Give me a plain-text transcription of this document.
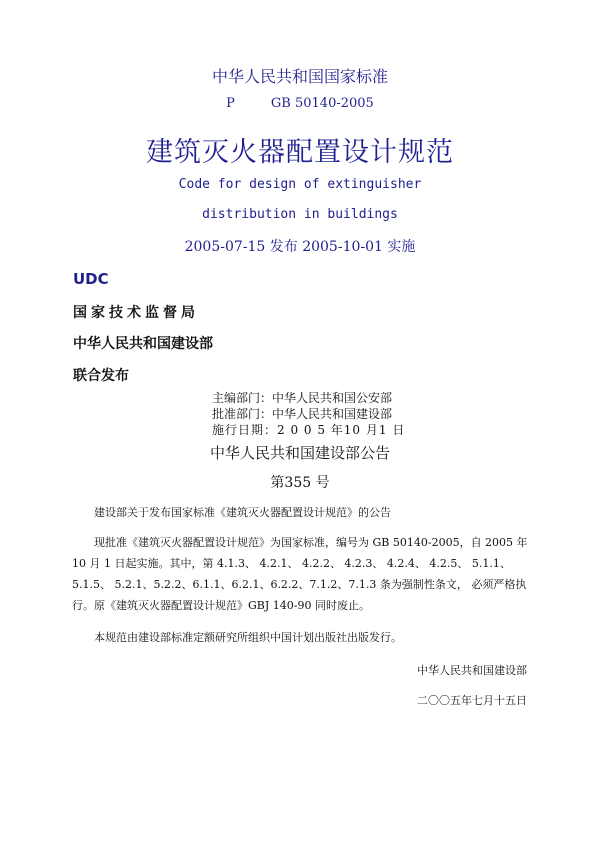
中华人民共和国国家标准
P	GB 50140-2005
建筑灭火器配置设计规范
Code for design of extinguisher
distribution in buildings
2005-07-15 发布 2005-10-01 实施
UDC
国家技术监督局
中华人民共和国建设部
联合发布
主编部门：中华人民共和国公安部
批准部门：中华人民共和国建设部
施行日期：2 0 0 5 年10 月1 日
中华人民共和国建设部公告
第355 号
建设部关于发布国家标准《建筑灭火器配置设计规范》的公告
现批准《建筑灭火器配置设计规范》为国家标准，编号为 GB 50140-2005，自 2005 年 10 月 1 日起实施。其中，第 4.1.3、 4.2.1、 4.2.2、 4.2.3、 4.2.4、 4.2.5、 5.1.1、5.1.5、 5.2.1、5.2.2、6.1.1、6.2.1、6.2.2、7.1.2、7.1.3 条为强制性条文， 必须严格执行。原《建筑灭火器配置设计规范》GBJ 140-90 同时废止。
本规范由建设部标准定额研究所组织中国计划出版社出版发行。
中华人民共和国建设部
二〇〇五年七月十五日
